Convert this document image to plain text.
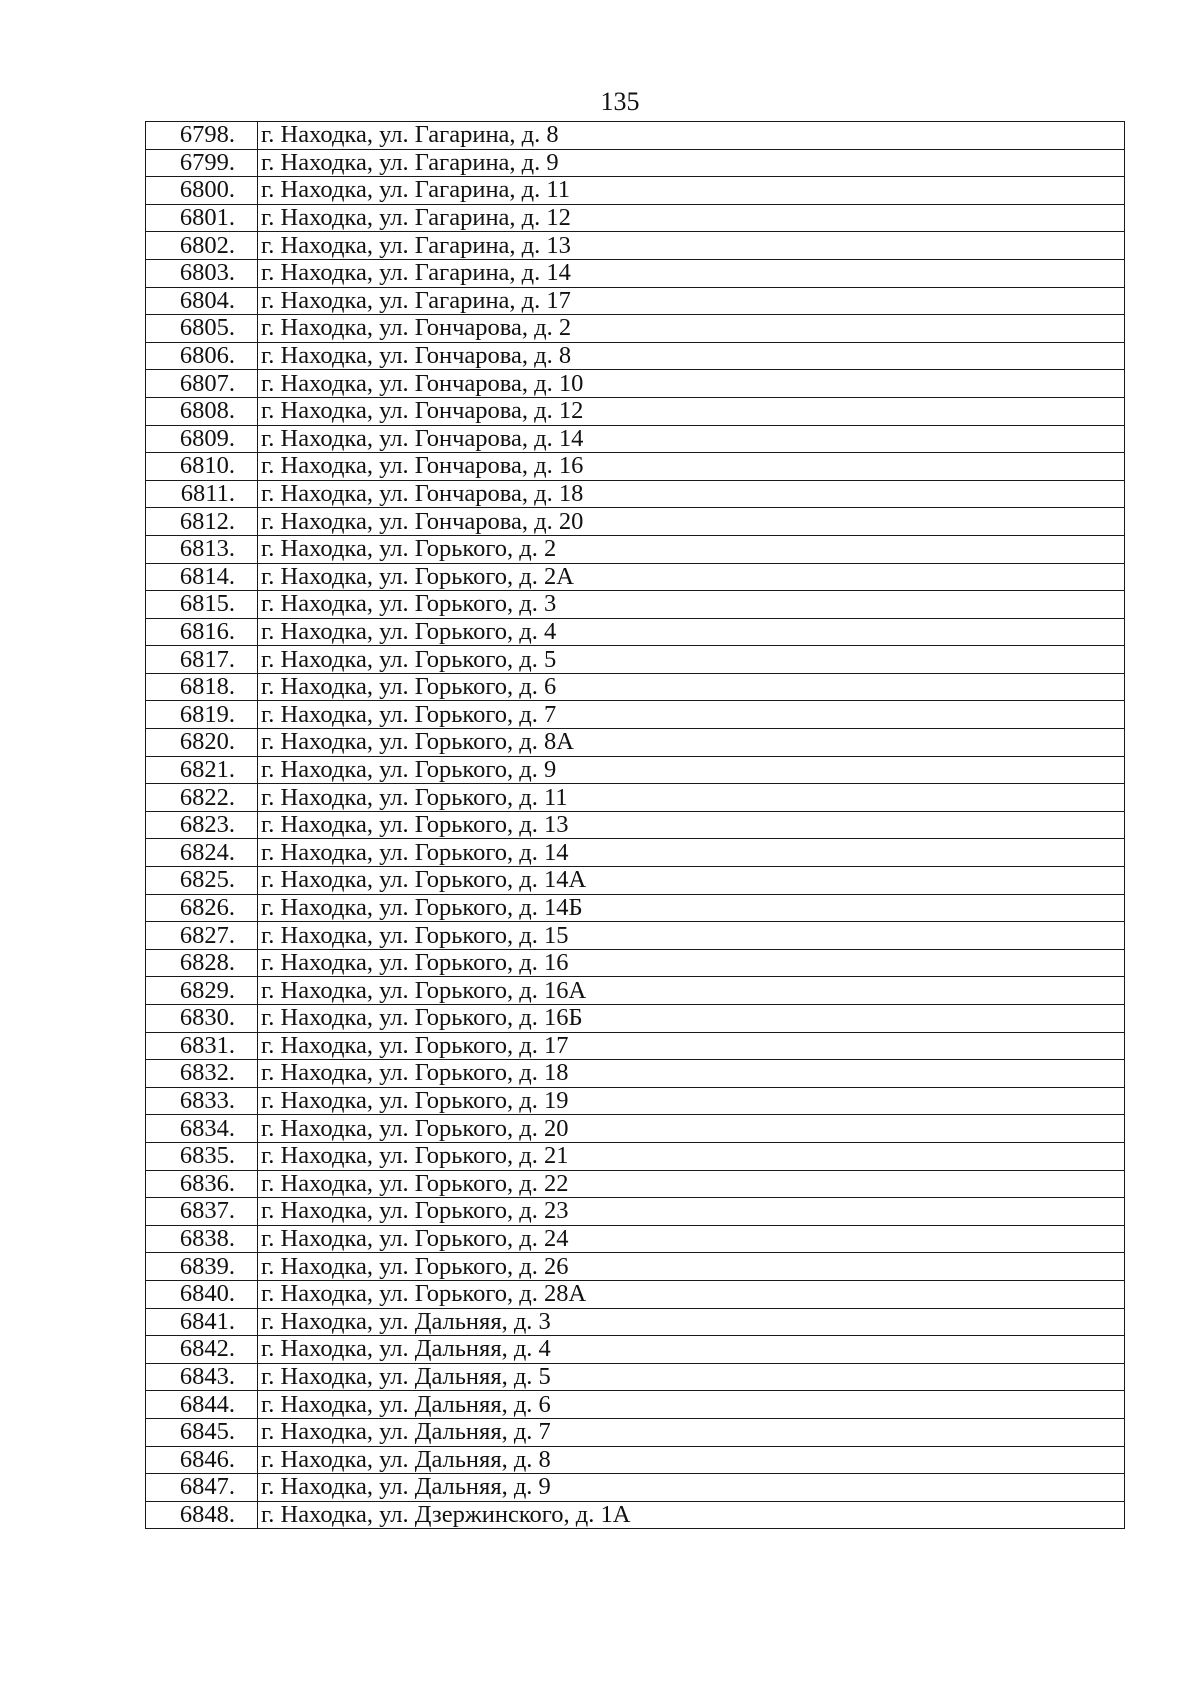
135
6798.	г. Находка, ул. Гагарина, д. 8
6799.	г. Находка, ул. Гагарина, д. 9
6800.	г. Находка, ул. Гагарина, д. 11
6801.	г. Находка, ул. Гагарина, д. 12
6802.	г. Находка, ул. Гагарина, д. 13
6803.	г. Находка, ул. Гагарина, д. 14
6804.	г. Находка, ул. Гагарина, д. 17
6805.	г. Находка, ул. Гончарова, д. 2
6806.	г. Находка, ул. Гончарова, д. 8
6807.	г. Находка, ул. Гончарова, д. 10
6808.	г. Находка, ул. Гончарова, д. 12
6809.	г. Находка, ул. Гончарова, д. 14
6810.	г. Находка, ул. Гончарова, д. 16
6811.	г. Находка, ул. Гончарова, д. 18
6812.	г. Находка, ул. Гончарова, д. 20
6813.	г. Находка, ул. Горького, д. 2
6814.	г. Находка, ул. Горького, д. 2А
6815.	г. Находка, ул. Горького, д. 3
6816.	г. Находка, ул. Горького, д. 4
6817.	г. Находка, ул. Горького, д. 5
6818.	г. Находка, ул. Горького, д. 6
6819.	г. Находка, ул. Горького, д. 7
6820.	г. Находка, ул. Горького, д. 8А
6821.	г. Находка, ул. Горького, д. 9
6822.	г. Находка, ул. Горького, д. 11
6823.	г. Находка, ул. Горького, д. 13
6824.	г. Находка, ул. Горького, д. 14
6825.	г. Находка, ул. Горького, д. 14А
6826.	г. Находка, ул. Горького, д. 14Б
6827.	г. Находка, ул. Горького, д. 15
6828.	г. Находка, ул. Горького, д. 16
6829.	г. Находка, ул. Горького, д. 16А
6830.	г. Находка, ул. Горького, д. 16Б
6831.	г. Находка, ул. Горького, д. 17
6832.	г. Находка, ул. Горького, д. 18
6833.	г. Находка, ул. Горького, д. 19
6834.	г. Находка, ул. Горького, д. 20
6835.	г. Находка, ул. Горького, д. 21
6836.	г. Находка, ул. Горького, д. 22
6837.	г. Находка, ул. Горького, д. 23
6838.	г. Находка, ул. Горького, д. 24
6839.	г. Находка, ул. Горького, д. 26
6840.	г. Находка, ул. Горького, д. 28А
6841.	г. Находка, ул. Дальняя, д. 3
6842.	г. Находка, ул. Дальняя, д. 4
6843.	г. Находка, ул. Дальняя, д. 5
6844.	г. Находка, ул. Дальняя, д. 6
6845.	г. Находка, ул. Дальняя, д. 7
6846.	г. Находка, ул. Дальняя, д. 8
6847.	г. Находка, ул. Дальняя, д. 9
6848.	г. Находка, ул. Дзержинского, д. 1А
